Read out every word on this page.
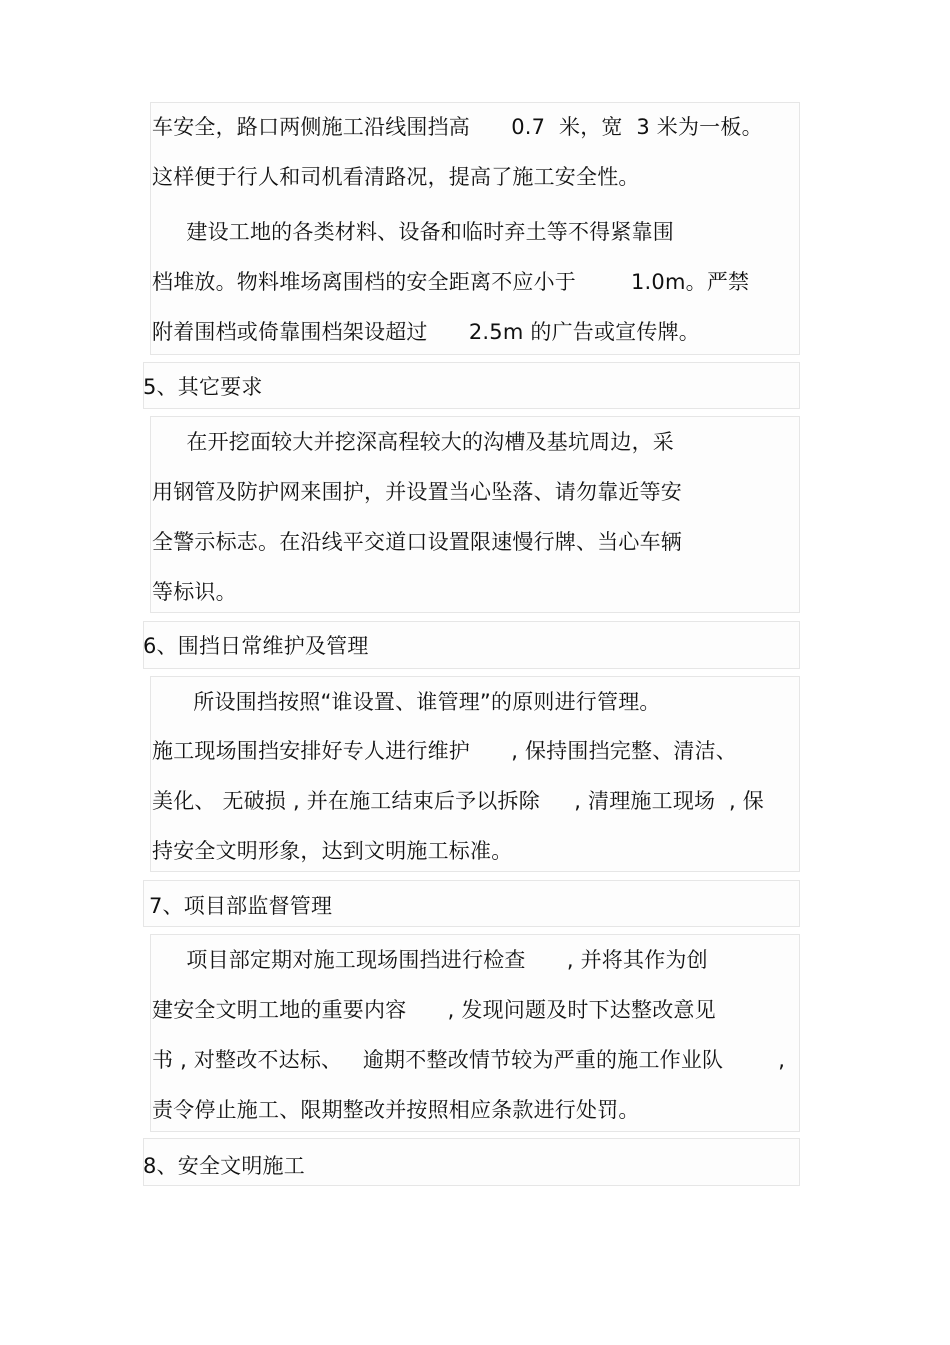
车安全，路口两侧施工沿线围挡高      0.7  米，宽  3 米为一板。
这样便于行人和司机看清路况，提高了施工安全性。
建设工地的各类材料、设备和临时弃土等不得紧靠围
档堆放。物料堆场离围档的安全距离不应小于        1.0m。严禁
附着围档或倚靠围档架设超过      2.5m 的广告或宣传牌。
5、其它要求
在开挖面较大并挖深高程较大的沟槽及基坑周边，采
用钢管及防护网来围护，并设置当心坠落、请勿靠近等安
全警示标志。在沿线平交道口设置限速慢行牌、当心车辆
等标识。
6、围挡日常维护及管理
所设围挡按照“谁设置、谁管理”的原则进行管理。
施工现场围挡安排好专人进行维护      , 保持围挡完整、清洁、
美化、 无破损 , 并在施工结束后予以拆除     , 清理施工现场  , 保
持安全文明形象，达到文明施工标准。
7、项目部监督管理
项目部定期对施工现场围挡进行检查      , 并将其作为创
建安全文明工地的重要内容      , 发现问题及时下达整改意见
书 , 对整改不达标、   逾期不整改情节较为严重的施工作业队        ,
责令停止施工、限期整改并按照相应条款进行处罚。
8、安全文明施工
